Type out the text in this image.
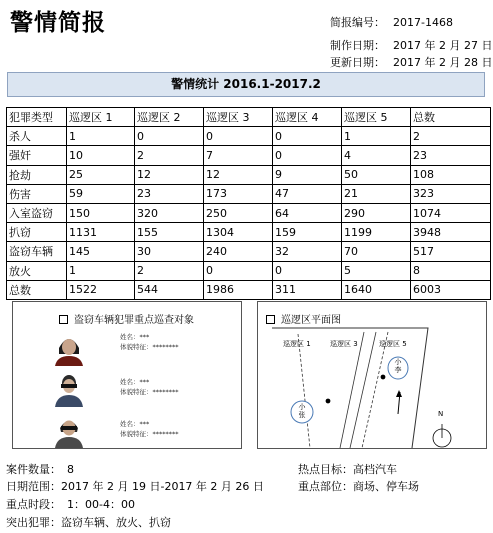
警情简报	简报编号： 2017-1468
制作日期： 2017 年 2 月 27 日
更新日期： 2017 年 2 月 28 日
警情统计 2016.1-2017.2
犯罪类型	巡逻区 1	巡逻区 2	巡逻区 3	巡逻区 4	巡逻区 5	总数
杀人	1	0	0	0	1	2
强奸	10	2	7	0	4	23
抢劫	25	12	12	9	50	108
伤害	59	23	173	47	21	323
入室盗窃	150	320	250	64	290	1074
扒窃	1131	155	1304	159	1199	3948
盗窃车辆	145	30	240	32	70	517
放火	1	2	0	0	5	8
总数	1522	544	1986	311	1640	6003
盗窃车辆犯罪重点巡查对象
姓名：***
体貌特征：********
姓名：***
体貌特征：********
姓名：***
体貌特征：********
巡逻区平面图
巡逻区 1	巡逻区 3	巡逻区 5
小李
小张	N
案件数量： 8
日期范围：2017 年 2 月 19 日-2017 年 2 月 26 日
重点时段： 1：00-4：00
突出犯罪：盗窃车辆、放火、扒窃
热点目标：高档汽车
重点部位：商场、停车场
